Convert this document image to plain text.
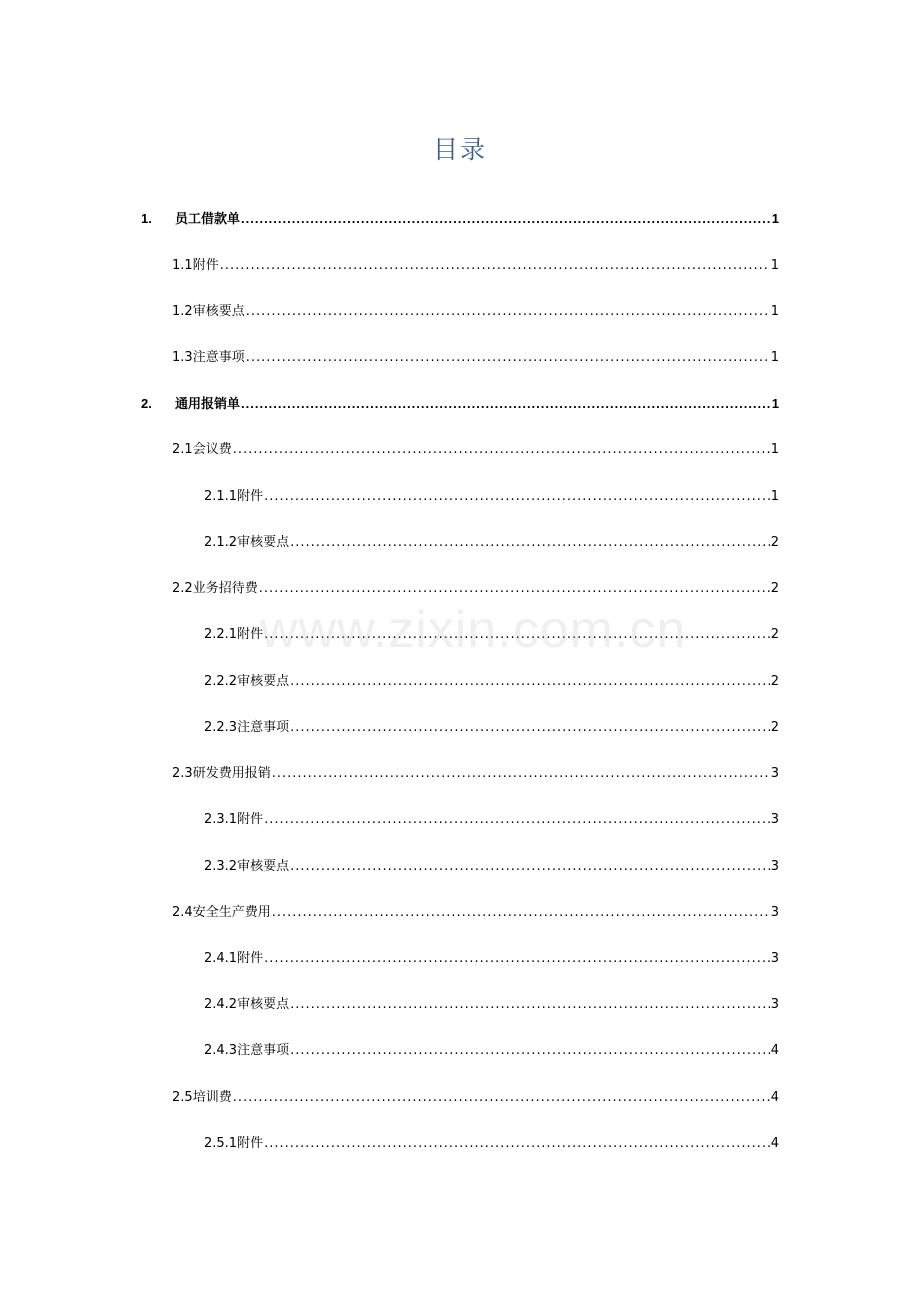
目录
1.	员工借款单 .....	1
1.1 附件 .....	1
1.2 审核要点 .....	1
1.3 注意事项 .....	1
2.	通用报销单 .....	1
2.1 会议费 .....	1
2.1.1 附件 .....	1
2.1.2 审核要点 .....	2
2.2 业务招待费 .....	2
2.2.1 附件 .....	2
2.2.2 审核要点 .....	2
2.2.3 注意事项 .....	2
2.3 研发费用报销 .....	3
2.3.1 附件 .....	3
2.3.2 审核要点 .....	3
2.4 安全生产费用 .....	3
2.4.1 附件 .....	3
2.4.2 审核要点 .....	3
2.4.3 注意事项 .....	4
2.5 培训费 .....	4
2.5.1 附件 .....	4
www.zixin.com.cn
